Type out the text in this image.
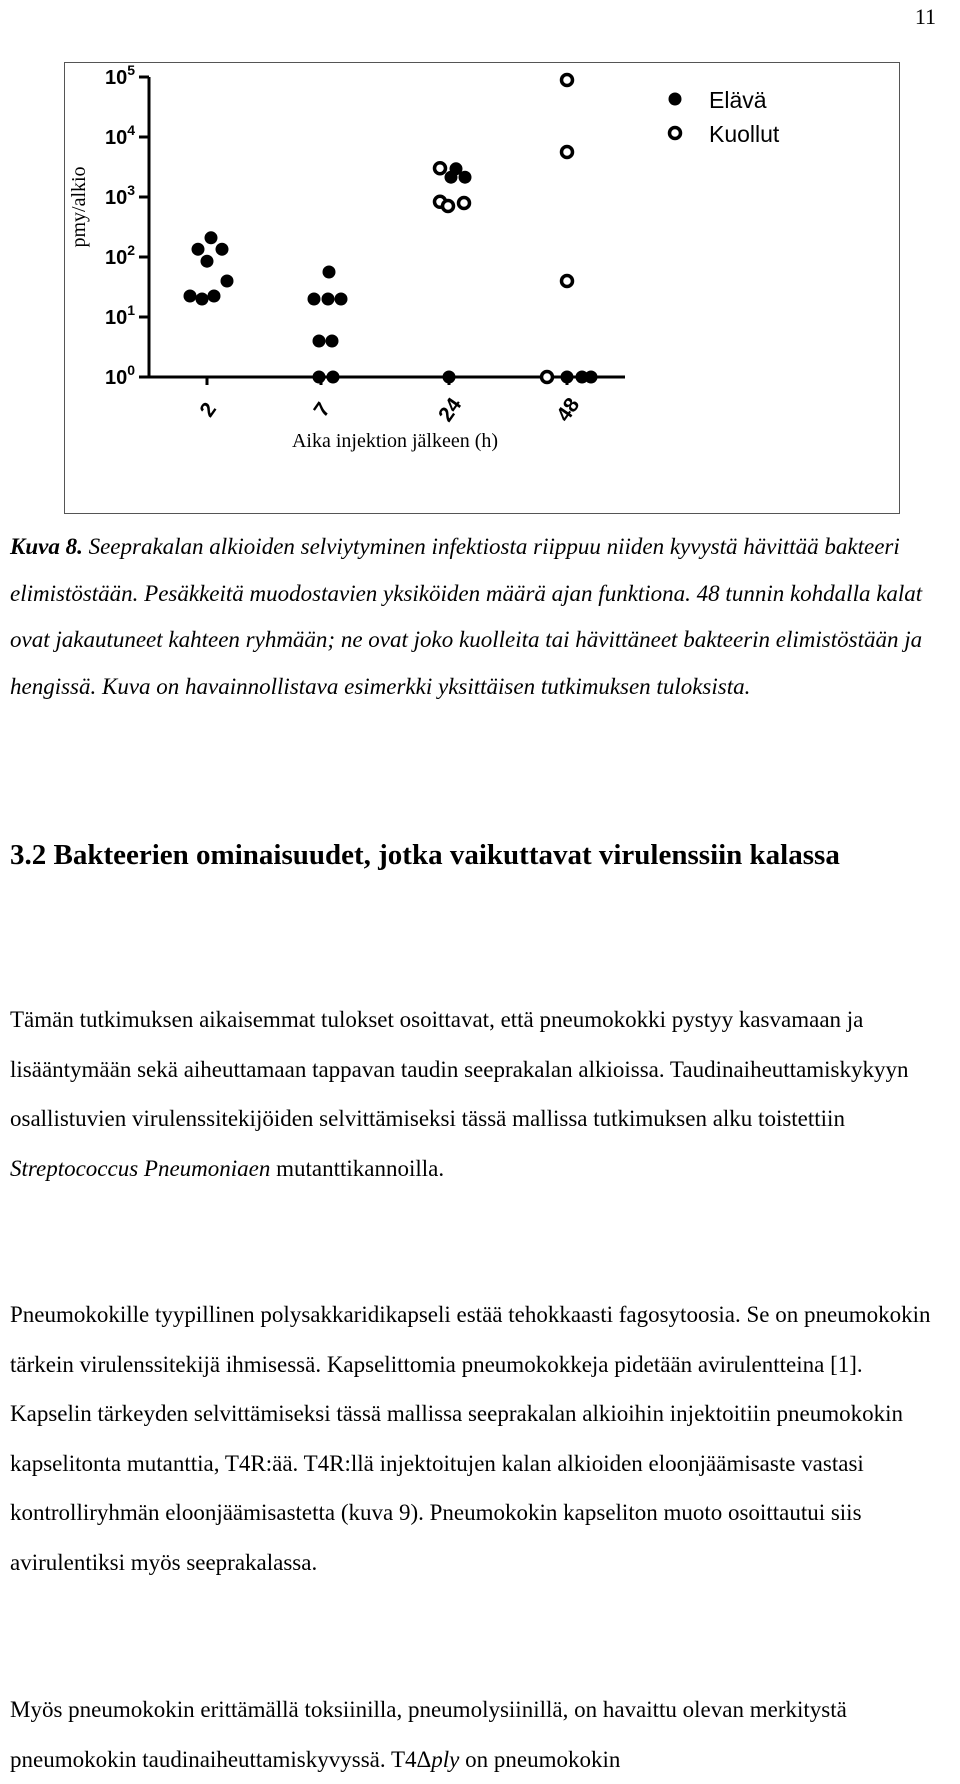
11
$10^0$
$10^1$
$10^2$
$10^3$
$10^4$
$10^5$
2	7	24	48
pmy/alkio
Aika injektion jälkeen (h)
Elävä
Kuollut

Kuva 8. Seeprakalan alkioiden selviytyminen infektiosta riippuu niiden kyvystä hävittää bakteeri elimistöstään. Pesäkkeitä muodostavien yksiköiden määrä ajan funktiona. 48 tunnin kohdalla kalat ovat jakautuneet kahteen ryhmään; ne ovat joko kuolleita tai hävittäneet bakteerin elimistöstään ja hengissä. Kuva on havainnollistava esimerkki yksittäisen tutkimuksen tuloksista.

3.2 Bakteerien ominaisuudet, jotka vaikuttavat virulenssiin kalassa

Tämän tutkimuksen aikaisemmat tulokset osoittavat, että pneumokokki pystyy kasvamaan ja lisääntymään sekä aiheuttamaan tappavan taudin seeprakalan alkioissa. Taudinaiheuttamiskykyyn osallistuvien virulenssitekijöiden selvittämiseksi tässä mallissa tutkimuksen alku toistettiin Streptococcus Pneumoniaen mutanttikannoilla.

Pneumokokille tyypillinen polysakkaridikapseli estää tehokkaasti fagosytoosia. Se on pneumokokin tärkein virulenssitekijä ihmisessä. Kapselittomia pneumokokkeja pidetään avirulentteina [1]. Kapselin tärkeyden selvittämiseksi tässä mallissa seeprakalan alkioihin injektoitiin pneumokokin kapselitonta mutanttia, T4R:ää. T4R:llä injektoitujen kalan alkioiden eloonjäämisaste vastasi kontrolliryhmän eloonjäämisastetta (kuva 9). Pneumokokin kapseliton muoto osoittautui siis avirulentiksi myös seeprakalassa.

Myös pneumokokin erittämällä toksiinilla, pneumolysiinillä, on havaittu olevan merkitystä pneumokokin taudinaiheuttamiskyvyssä. T4Δply on pneumokokin
